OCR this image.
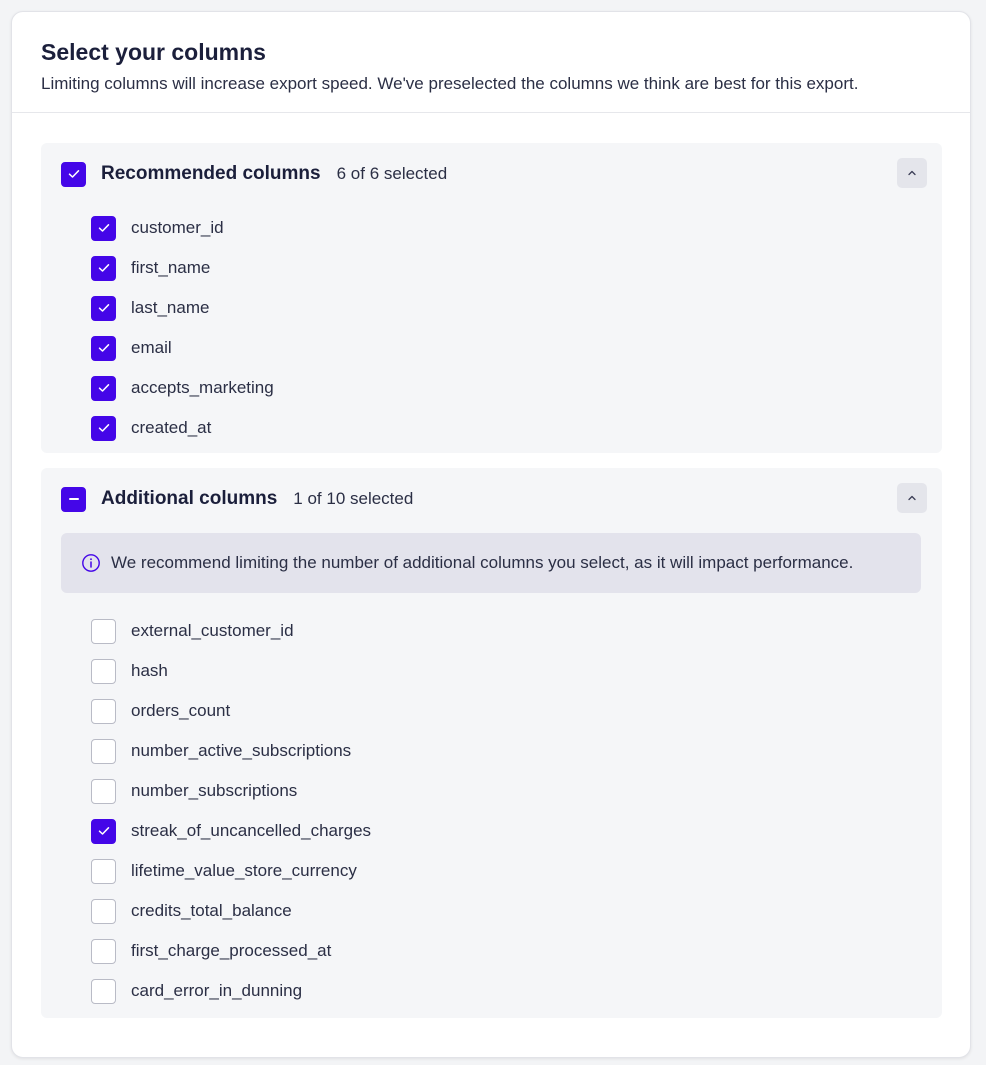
Select your columns
Limiting columns will increase export speed. We've preselected the columns we think are best for this export.
Recommended columns 6 of 6 selected
customer_id
first_name
last_name
email
accepts_marketing
created_at
Additional columns 1 of 10 selected
We recommend limiting the number of additional columns you select, as it will impact performance.
external_customer_id
hash
orders_count
number_active_subscriptions
number_subscriptions
streak_of_uncancelled_charges
lifetime_value_store_currency
credits_total_balance
first_charge_processed_at
card_error_in_dunning
